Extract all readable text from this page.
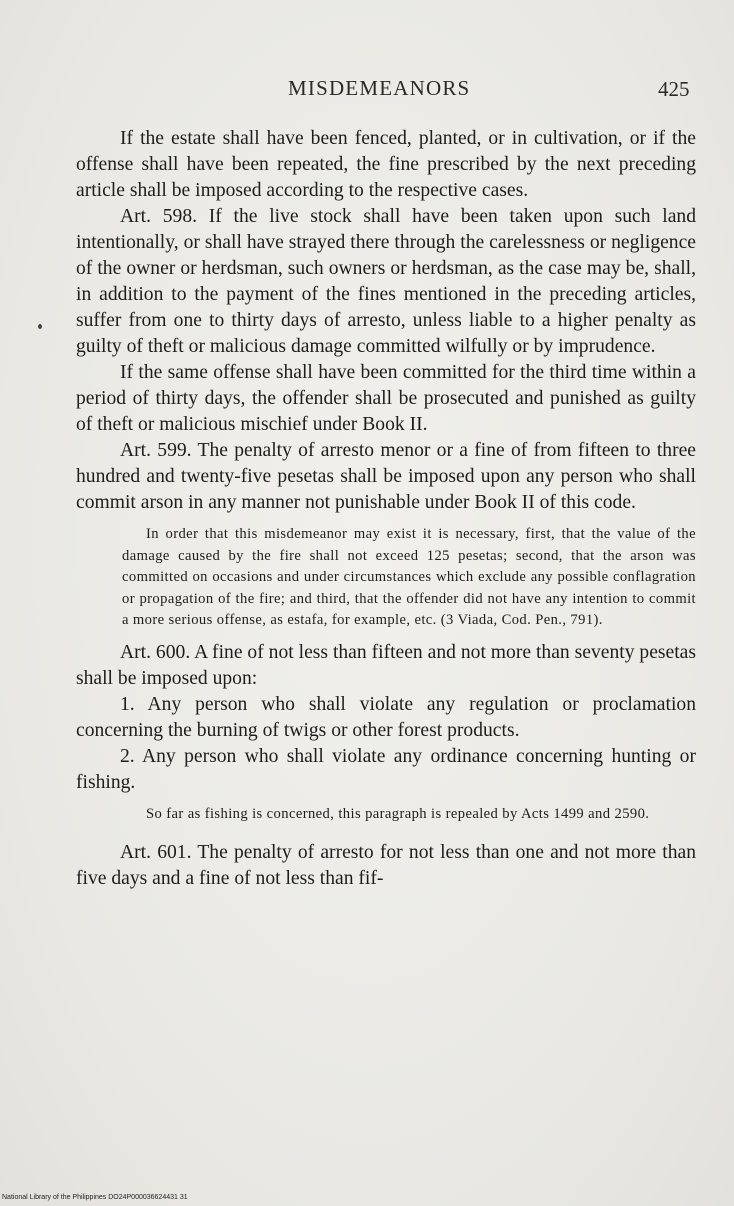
MISDEMEANORS	425

If the estate shall have been fenced, planted, or in cultivation, or if the offense shall have been repeated, the fine prescribed by the next preceding article shall be imposed according to the respective cases.

Art. 598. If the live stock shall have been taken upon such land intentionally, or shall have strayed there through the carelessness or negligence of the owner or herdsman, such owners or herdsman, as the case may be, shall, in addition to the payment of the fines mentioned in the preceding articles, suffer from one to thirty days of arresto, unless liable to a higher penalty as guilty of theft or malicious damage committed wilfully or by imprudence.

If the same offense shall have been committed for the third time within a period of thirty days, the offender shall be prosecuted and punished as guilty of theft or malicious mischief under Book II.

Art. 599. The penalty of arresto menor or a fine of from fifteen to three hundred and twenty-five pesetas shall be imposed upon any person who shall commit arson in any manner not punishable under Book II of this code.

In order that this misdemeanor may exist it is necessary, first, that the value of the damage caused by the fire shall not exceed 125 pesetas; second, that the arson was committed on occasions and under circumstances which exclude any possible conflagration or propagation of the fire; and third, that the offender did not have any intention to commit a more serious offense, as estafa, for example, etc. (3 Viada, Cod. Pen., 791).

Art. 600. A fine of not less than fifteen and not more than seventy pesetas shall be imposed upon:

1. Any person who shall violate any regulation or proclamation concerning the burning of twigs or other forest products.

2. Any person who shall violate any ordinance concerning hunting or fishing.

So far as fishing is concerned, this paragraph is repealed by Acts 1499 and 2590.

Art. 601. The penalty of arresto for not less than one and not more than five days and a fine of not less than fif-

National Library of the Philippines DO24P000036624431 31
